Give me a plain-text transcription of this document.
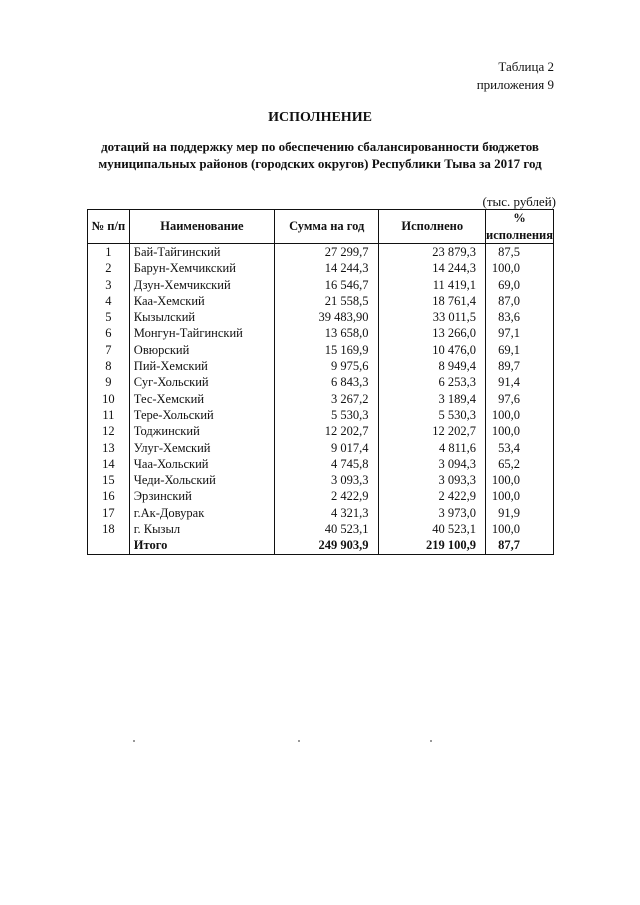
Таблица 2
приложения 9
ИСПОЛНЕНИЕ
дотаций на поддержку мер по обеспечению сбалансированности бюджетов
муниципальных районов (городских округов) Республики Тыва за 2017 год
(тыс. рублей)
№ п/п	Наименование	Сумма на год	Исполнено	%
исполнения

1	Бай-Тайгинский	27 299,7	23 879,3	87,5
2	Барун-Хемчикский	14 244,3	14 244,3	100,0
3	Дзун-Хемчикский	16 546,7	11 419,1	69,0
4	Каа-Хемский	21 558,5	18 761,4	87,0
5	Кызылский	39 483,90	33 011,5	83,6
6	Монгун-Тайгинский	13 658,0	13 266,0	97,1
7	Овюрский	15 169,9	10 476,0	69,1
8	Пий-Хемский	9 975,6	8 949,4	89,7
9	Суг-Хольский	6 843,3	6 253,3	91,4
10	Тес-Хемский	3 267,2	3 189,4	97,6
11	Тере-Хольский	5 530,3	5 530,3	100,0
12	Тоджинский	12 202,7	12 202,7	100,0
13	Улуг-Хемский	9 017,4	4 811,6	53,4
14	Чаа-Хольский	4 745,8	3 094,3	65,2
15	Чеди-Хольский	3 093,3	3 093,3	100,0
16	Эрзинский	2 422,9	2 422,9	100,0
17	г.Ак-Довурак	4 321,3	3 973,0	91,9
18	г. Кызыл	40 523,1	40 523,1	100,0
	Итого	249 903,9	219 100,9	87,7
